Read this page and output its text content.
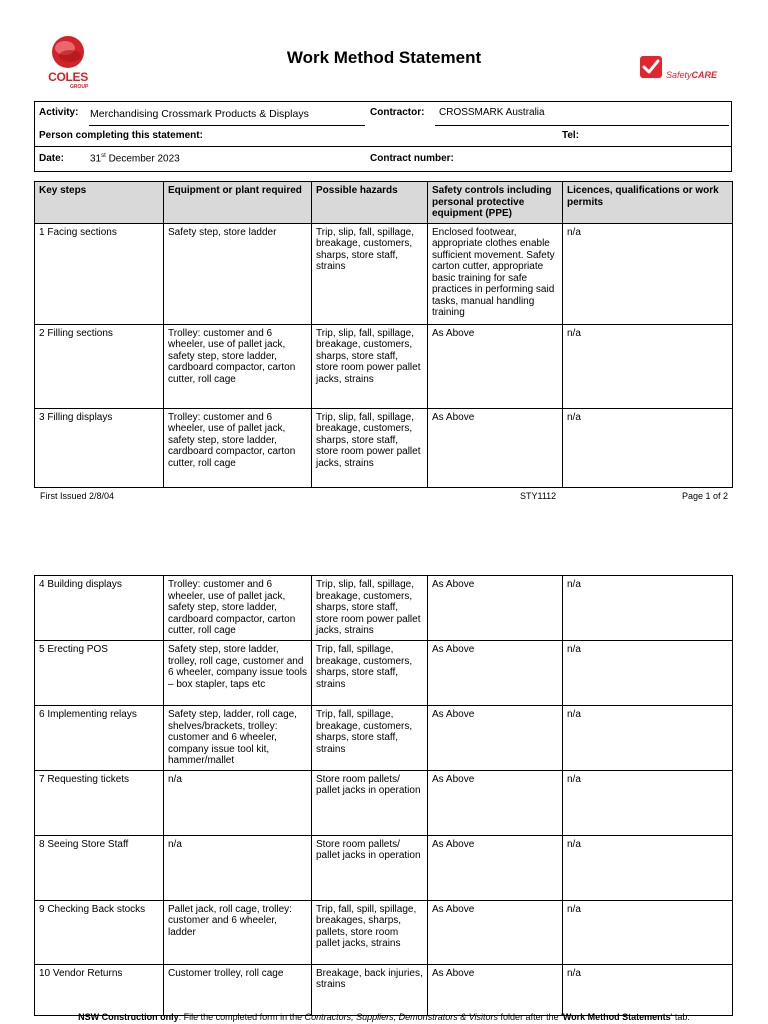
COLES
GROUP
Work Method Statement
SafetyCARE
Activity: Merchandising Crossmark Products & Displays	Contractor: CROSSMARK Australia
Person completing this statement:	Tel:
Date:	31st December 2023	Contract number:
Key steps	Equipment or plant required	Possible hazards	Safety controls including personal protective equipment (PPE)	Licences, qualifications or work permits
1 Facing sections	Safety step, store ladder	Trip, slip, fall, spillage, breakage, customers, sharps, store staff, strains	Enclosed footwear, appropriate clothes enable sufficient movement. Safety carton cutter, appropriate basic training for safe practices in performing said tasks, manual handling training	n/a
2 Filling sections	Trolley: customer and 6 wheeler, use of pallet jack, safety step, store ladder, cardboard compactor, carton cutter, roll cage	Trip, slip, fall, spillage, breakage, customers, sharps, store staff, store room power pallet jacks, strains	As Above	n/a
3 Filling displays	Trolley: customer and 6 wheeler, use of pallet jack, safety step, store ladder, cardboard compactor, carton cutter, roll cage	Trip, slip, fall, spillage, breakage, customers, sharps, store staff, store room power pallet jacks, strains	As Above	n/a
First Issued 2/8/04	STY1112	Page 1 of 2
4 Building displays	Trolley: customer and 6 wheeler, use of pallet jack, safety step, store ladder, cardboard compactor, carton cutter, roll cage	Trip, slip, fall, spillage, breakage, customers, sharps, store staff, store room power pallet jacks, strains	As Above	n/a
5 Erecting POS	Safety step, store ladder, trolley, roll cage, customer and 6 wheeler, company issue tools – box stapler, taps etc	Trip, fall, spillage, breakage, customers, sharps, store staff, strains	As Above	n/a
6 Implementing relays	Safety step, ladder, roll cage, shelves/brackets, trolley: customer and 6 wheeler, company issue tool kit, hammer/mallet	Trip, fall, spillage, breakage, customers, sharps, store staff, strains	As Above	n/a
7 Requesting tickets	n/a	Store room pallets/ pallet jacks in operation	As Above	n/a
8 Seeing Store Staff	n/a	Store room pallets/ pallet jacks in operation	As Above	n/a
9 Checking Back stocks	Pallet jack, roll cage, trolley: customer and 6 wheeler, ladder	Trip, fall, spill, spillage, breakages, sharps, pallets, store room pallet jacks, strains	As Above	n/a
10 Vendor Returns	Customer trolley, roll cage	Breakage, back injuries, strains	As Above	n/a
NSW Construction only: File the completed form in the Contractors, Suppliers, Demonstrators & Visitors folder after the 'Work Method Statements' tab.
